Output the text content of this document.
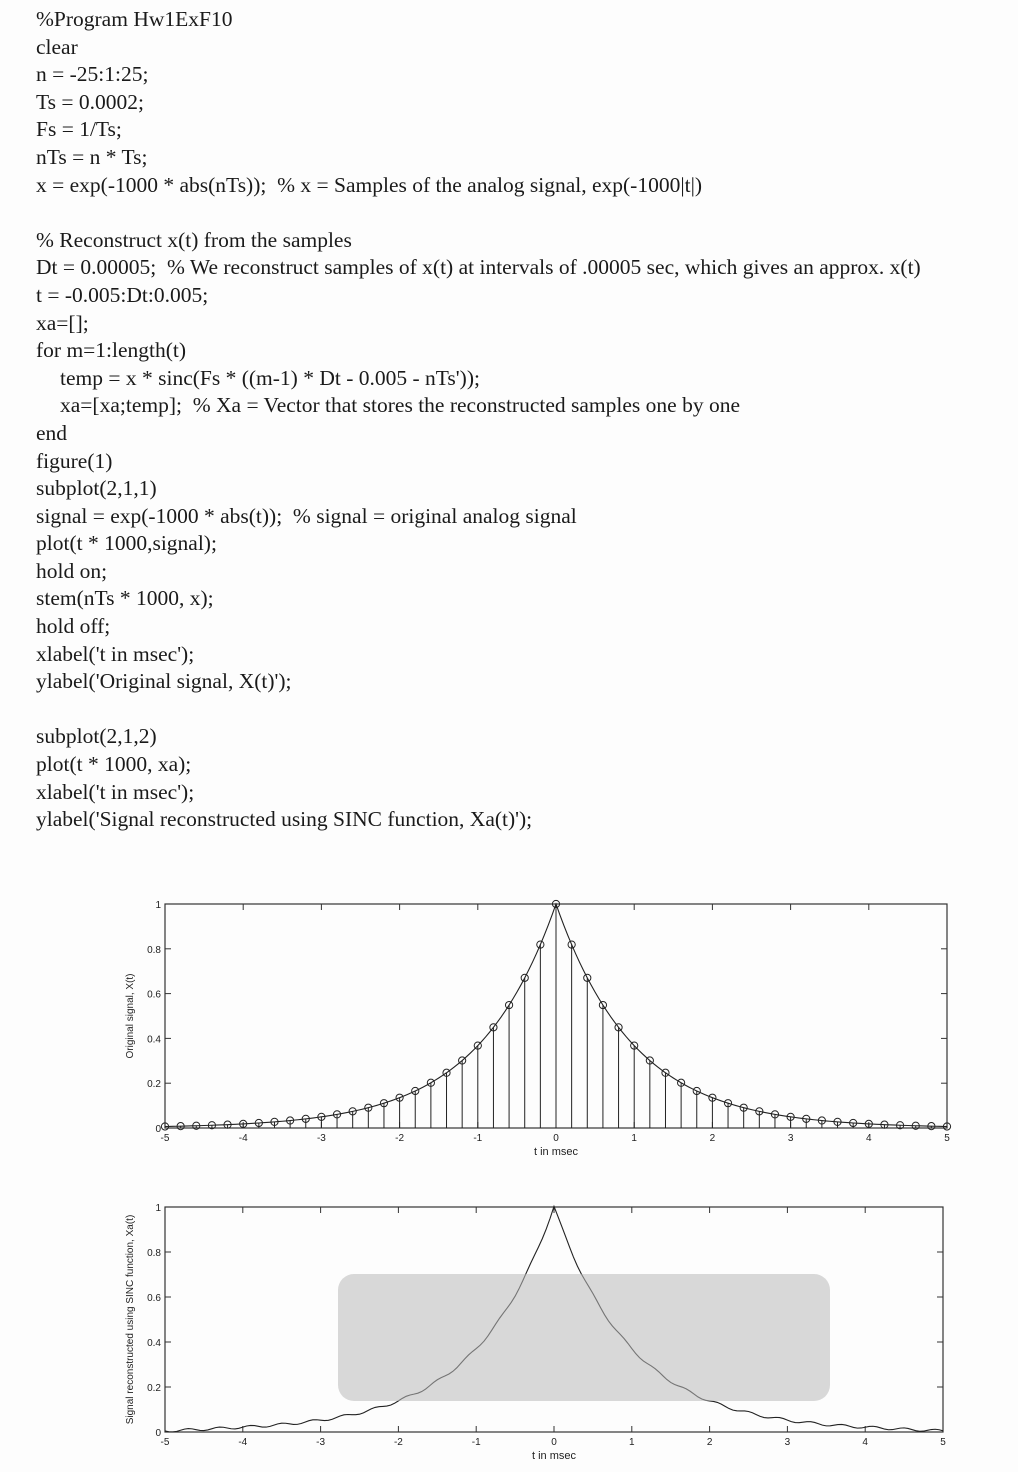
%Program Hw1ExF10
clear
n = -25:1:25;
Ts = 0.0002;
Fs = 1/Ts;
nTs = n * Ts;
x = exp(-1000 * abs(nTs));  % x = Samples of the analog signal, exp(-1000|t|)
% Reconstruct x(t) from the samples
Dt = 0.00005;  % We reconstruct samples of x(t) at intervals of .00005 sec, which gives an approx. x(t)
t = -0.005:Dt:0.005;
xa=[];
for m=1:length(t)
temp = x * sinc(Fs * ((m-1) * Dt - 0.005 - nTs'));
xa=[xa;temp];  % Xa = Vector that stores the reconstructed samples one by one
end
figure(1)
subplot(2,1,1)
signal = exp(-1000 * abs(t));  % signal = original analog signal
plot(t * 1000,signal);
hold on;
stem(nTs * 1000, x);
hold off;
xlabel('t in msec');
ylabel('Original signal, X(t)');
subplot(2,1,2)
plot(t * 1000, xa);
xlabel('t in msec');
ylabel('Signal reconstructed using SINC function, Xa(t)');
-5	-4	-3	-2	-1	0	1	2	3	4	5
0
0.2
0.4
0.6
0.8
1
t in msec
Original signal, X(t)
-5	-4	-3	-2	-1	0	1	2	3	4	5
0
0.2
0.4
0.6
0.8
1
t in msec
Signal reconstructed using SINC function, Xa(t)
